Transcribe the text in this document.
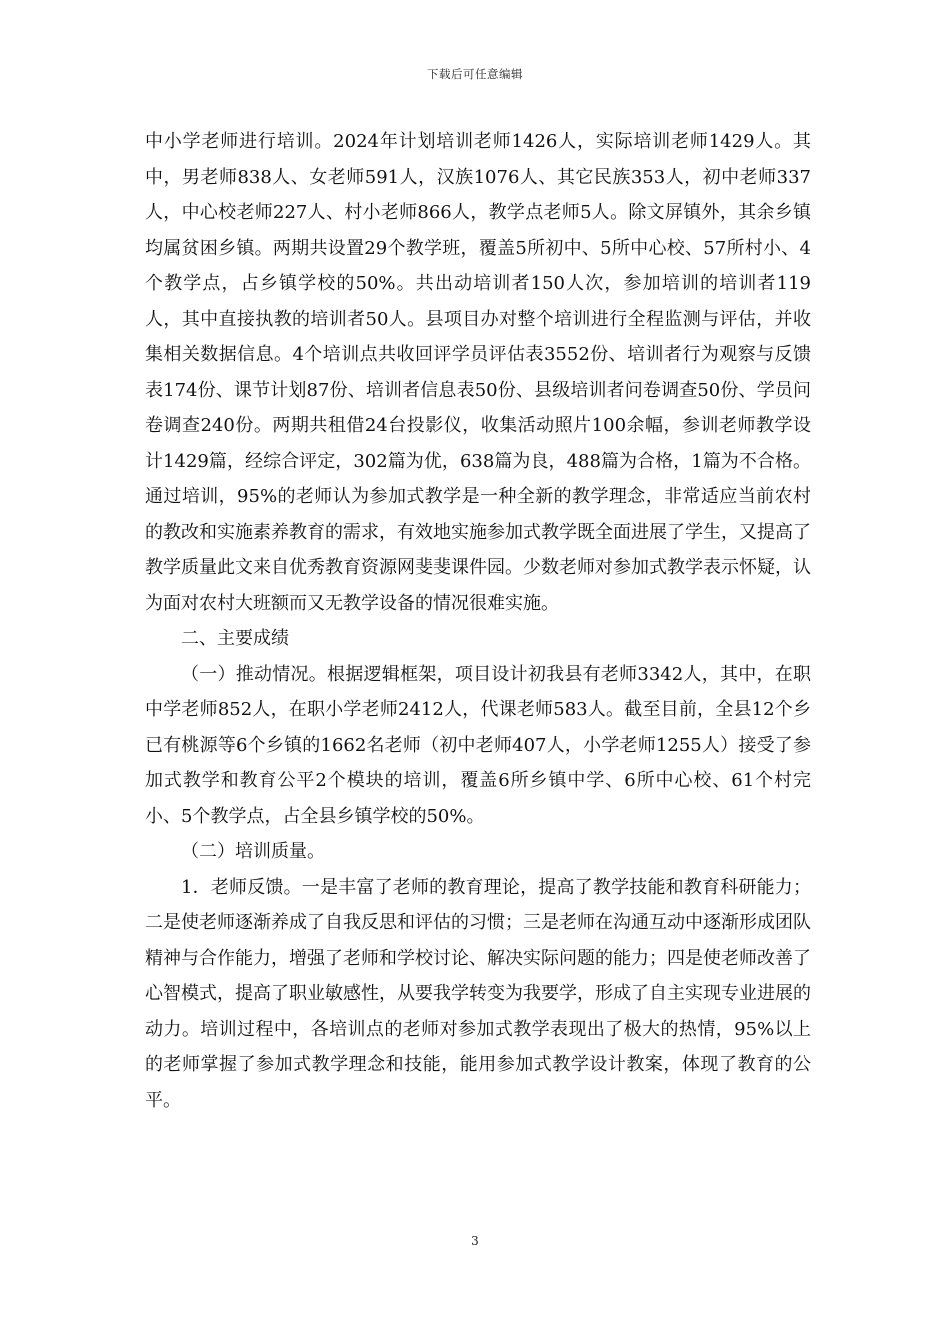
下载后可任意编辑

中小学老师进行培训。2024年计划培训老师1426人，实际培训老师1429人。其中，男老师838人、女老师591人，汉族1076人、其它民族353人，初中老师337人，中心校老师227人、村小老师866人，教学点老师5人。除文屏镇外，其余乡镇均属贫困乡镇。两期共设置29个教学班，覆盖5所初中、5所中心校、57所村小、4个教学点，占乡镇学校的50%。共出动培训者150人次，参加培训的培训者119人，其中直接执教的培训者50人。县项目办对整个培训进行全程监测与评估，并收集相关数据信息。4个培训点共收回评学员评估表3552份、培训者行为观察与反馈表174份、课节计划87份、培训者信息表50份、县级培训者问卷调查50份、学员问卷调查240份。两期共租借24台投影仪，收集活动照片100余幅，参训老师教学设计1429篇，经综合评定，302篇为优，638篇为良，488篇为合格，1篇为不合格。通过培训，95%的老师认为参加式教学是一种全新的教学理念，非常适应当前农村的教改和实施素养教育的需求，有效地实施参加式教学既全面进展了学生，又提高了教学质量此文来自优秀教育资源网斐斐课件园。少数老师对参加式教学表示怀疑，认为面对农村大班额而又无教学设备的情况很难实施。

二、主要成绩

（一）推动情况。根据逻辑框架，项目设计初我县有老师3342人，其中，在职中学老师852人，在职小学老师2412人，代课老师583人。截至目前，全县12个乡已有桃源等6个乡镇的1662名老师（初中老师407人，小学老师1255人）接受了参加式教学和教育公平2个模块的培训，覆盖6所乡镇中学、6所中心校、61个村完小、5个教学点，占全县乡镇学校的50%。

（二）培训质量。

1．老师反馈。一是丰富了老师的教育理论，提高了教学技能和教育科研能力；二是使老师逐渐养成了自我反思和评估的习惯；三是老师在沟通互动中逐渐形成团队精神与合作能力，增强了老师和学校讨论、解决实际问题的能力；四是使老师改善了心智模式，提高了职业敏感性，从要我学转变为我要学，形成了自主实现专业进展的动力。培训过程中，各培训点的老师对参加式教学表现出了极大的热情，95%以上的老师掌握了参加式教学理念和技能，能用参加式教学设计教案，体现了教育的公平。

3
